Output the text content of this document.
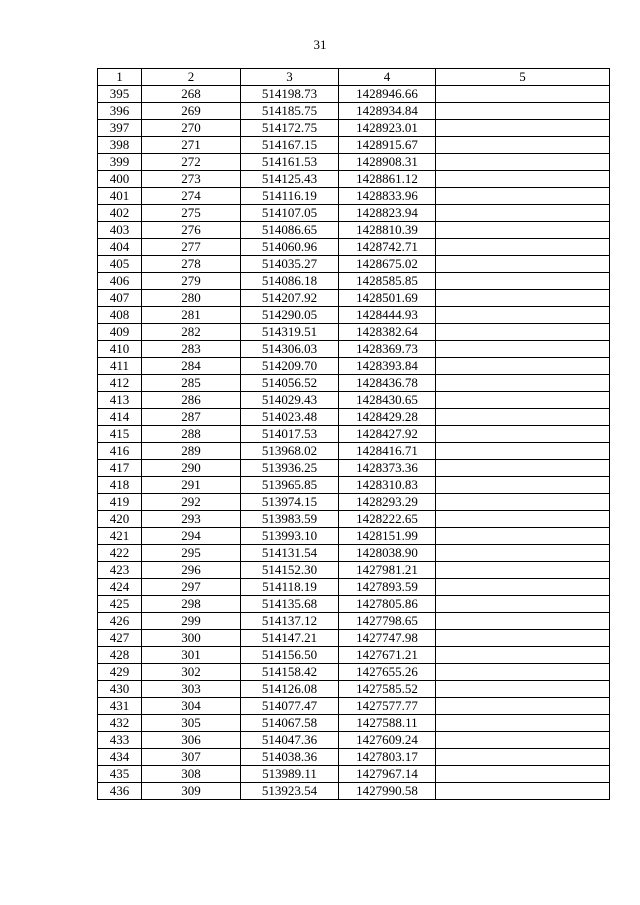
31
1	2	3	4	5
395	268	514198.73	1428946.66	
396	269	514185.75	1428934.84	
397	270	514172.75	1428923.01	
398	271	514167.15	1428915.67	
399	272	514161.53	1428908.31	
400	273	514125.43	1428861.12	
401	274	514116.19	1428833.96	
402	275	514107.05	1428823.94	
403	276	514086.65	1428810.39	
404	277	514060.96	1428742.71	
405	278	514035.27	1428675.02	
406	279	514086.18	1428585.85	
407	280	514207.92	1428501.69	
408	281	514290.05	1428444.93	
409	282	514319.51	1428382.64	
410	283	514306.03	1428369.73	
411	284	514209.70	1428393.84	
412	285	514056.52	1428436.78	
413	286	514029.43	1428430.65	
414	287	514023.48	1428429.28	
415	288	514017.53	1428427.92	
416	289	513968.02	1428416.71	
417	290	513936.25	1428373.36	
418	291	513965.85	1428310.83	
419	292	513974.15	1428293.29	
420	293	513983.59	1428222.65	
421	294	513993.10	1428151.99	
422	295	514131.54	1428038.90	
423	296	514152.30	1427981.21	
424	297	514118.19	1427893.59	
425	298	514135.68	1427805.86	
426	299	514137.12	1427798.65	
427	300	514147.21	1427747.98	
428	301	514156.50	1427671.21	
429	302	514158.42	1427655.26	
430	303	514126.08	1427585.52	
431	304	514077.47	1427577.77	
432	305	514067.58	1427588.11	
433	306	514047.36	1427609.24	
434	307	514038.36	1427803.17	
435	308	513989.11	1427967.14	
436	309	513923.54	1427990.58	
